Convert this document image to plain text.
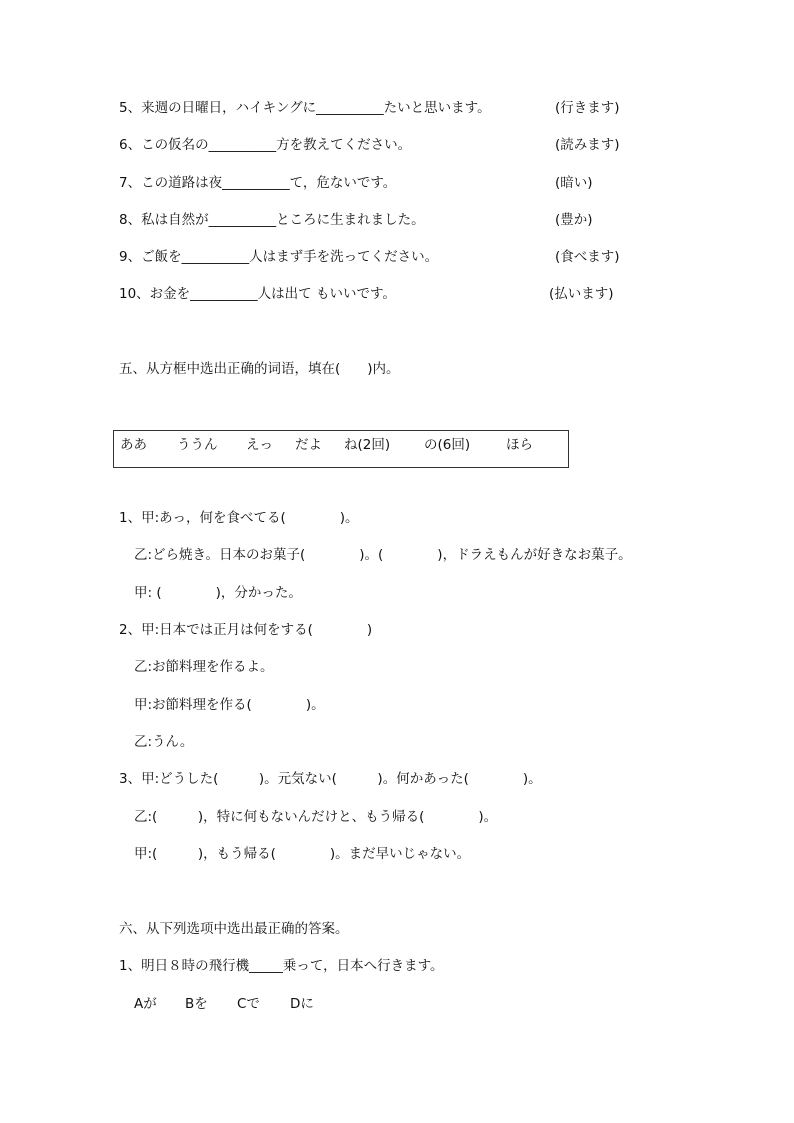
5、来週の日曜日，ハイキングに__________たいと思います。	(行きます)
6、この仮名の__________方を教えてください。	(読みます)
7、この道路は夜__________て，危ないです。	(暗い)
8、私は自然が__________ところに生まれました。	(豊か)
9、ご飯を__________人はまず手を洗ってください。	(食べます)
10、お金を__________人は出て もいいです。	(払います)
五、从方框中选出正确的词语，填在(　　)内。
ああ ううん えっ だよ ね(2回)	の(6回)	ほら
1、甲:あっ，何を食べてる(　　　　)。
乙:どら焼き。日本のお菓子(　　　　)。(　　　　)，ドラえもんが好きなお菓子。
甲: (　　　　)，分かった。
2、甲:日本では正月は何をする(　　　　)
乙:お節料理を作るよ。
甲:お節料理を作る(　　　　)。
乙:うん。
3、甲:どうした(　　　)。元気ない(　　　)。何かあった(　　　　)。
乙:(　　　)，特に何もないんだけと、もう帰る(　　　　)。
甲:(　　　)，もう帰る(　　　　)。まだ早いじゃない。
六、从下列选项中选出最正确的答案。
1、明日８時の飛行機_____乗って，日本へ行きます。
Aが Bを Cで Dに
